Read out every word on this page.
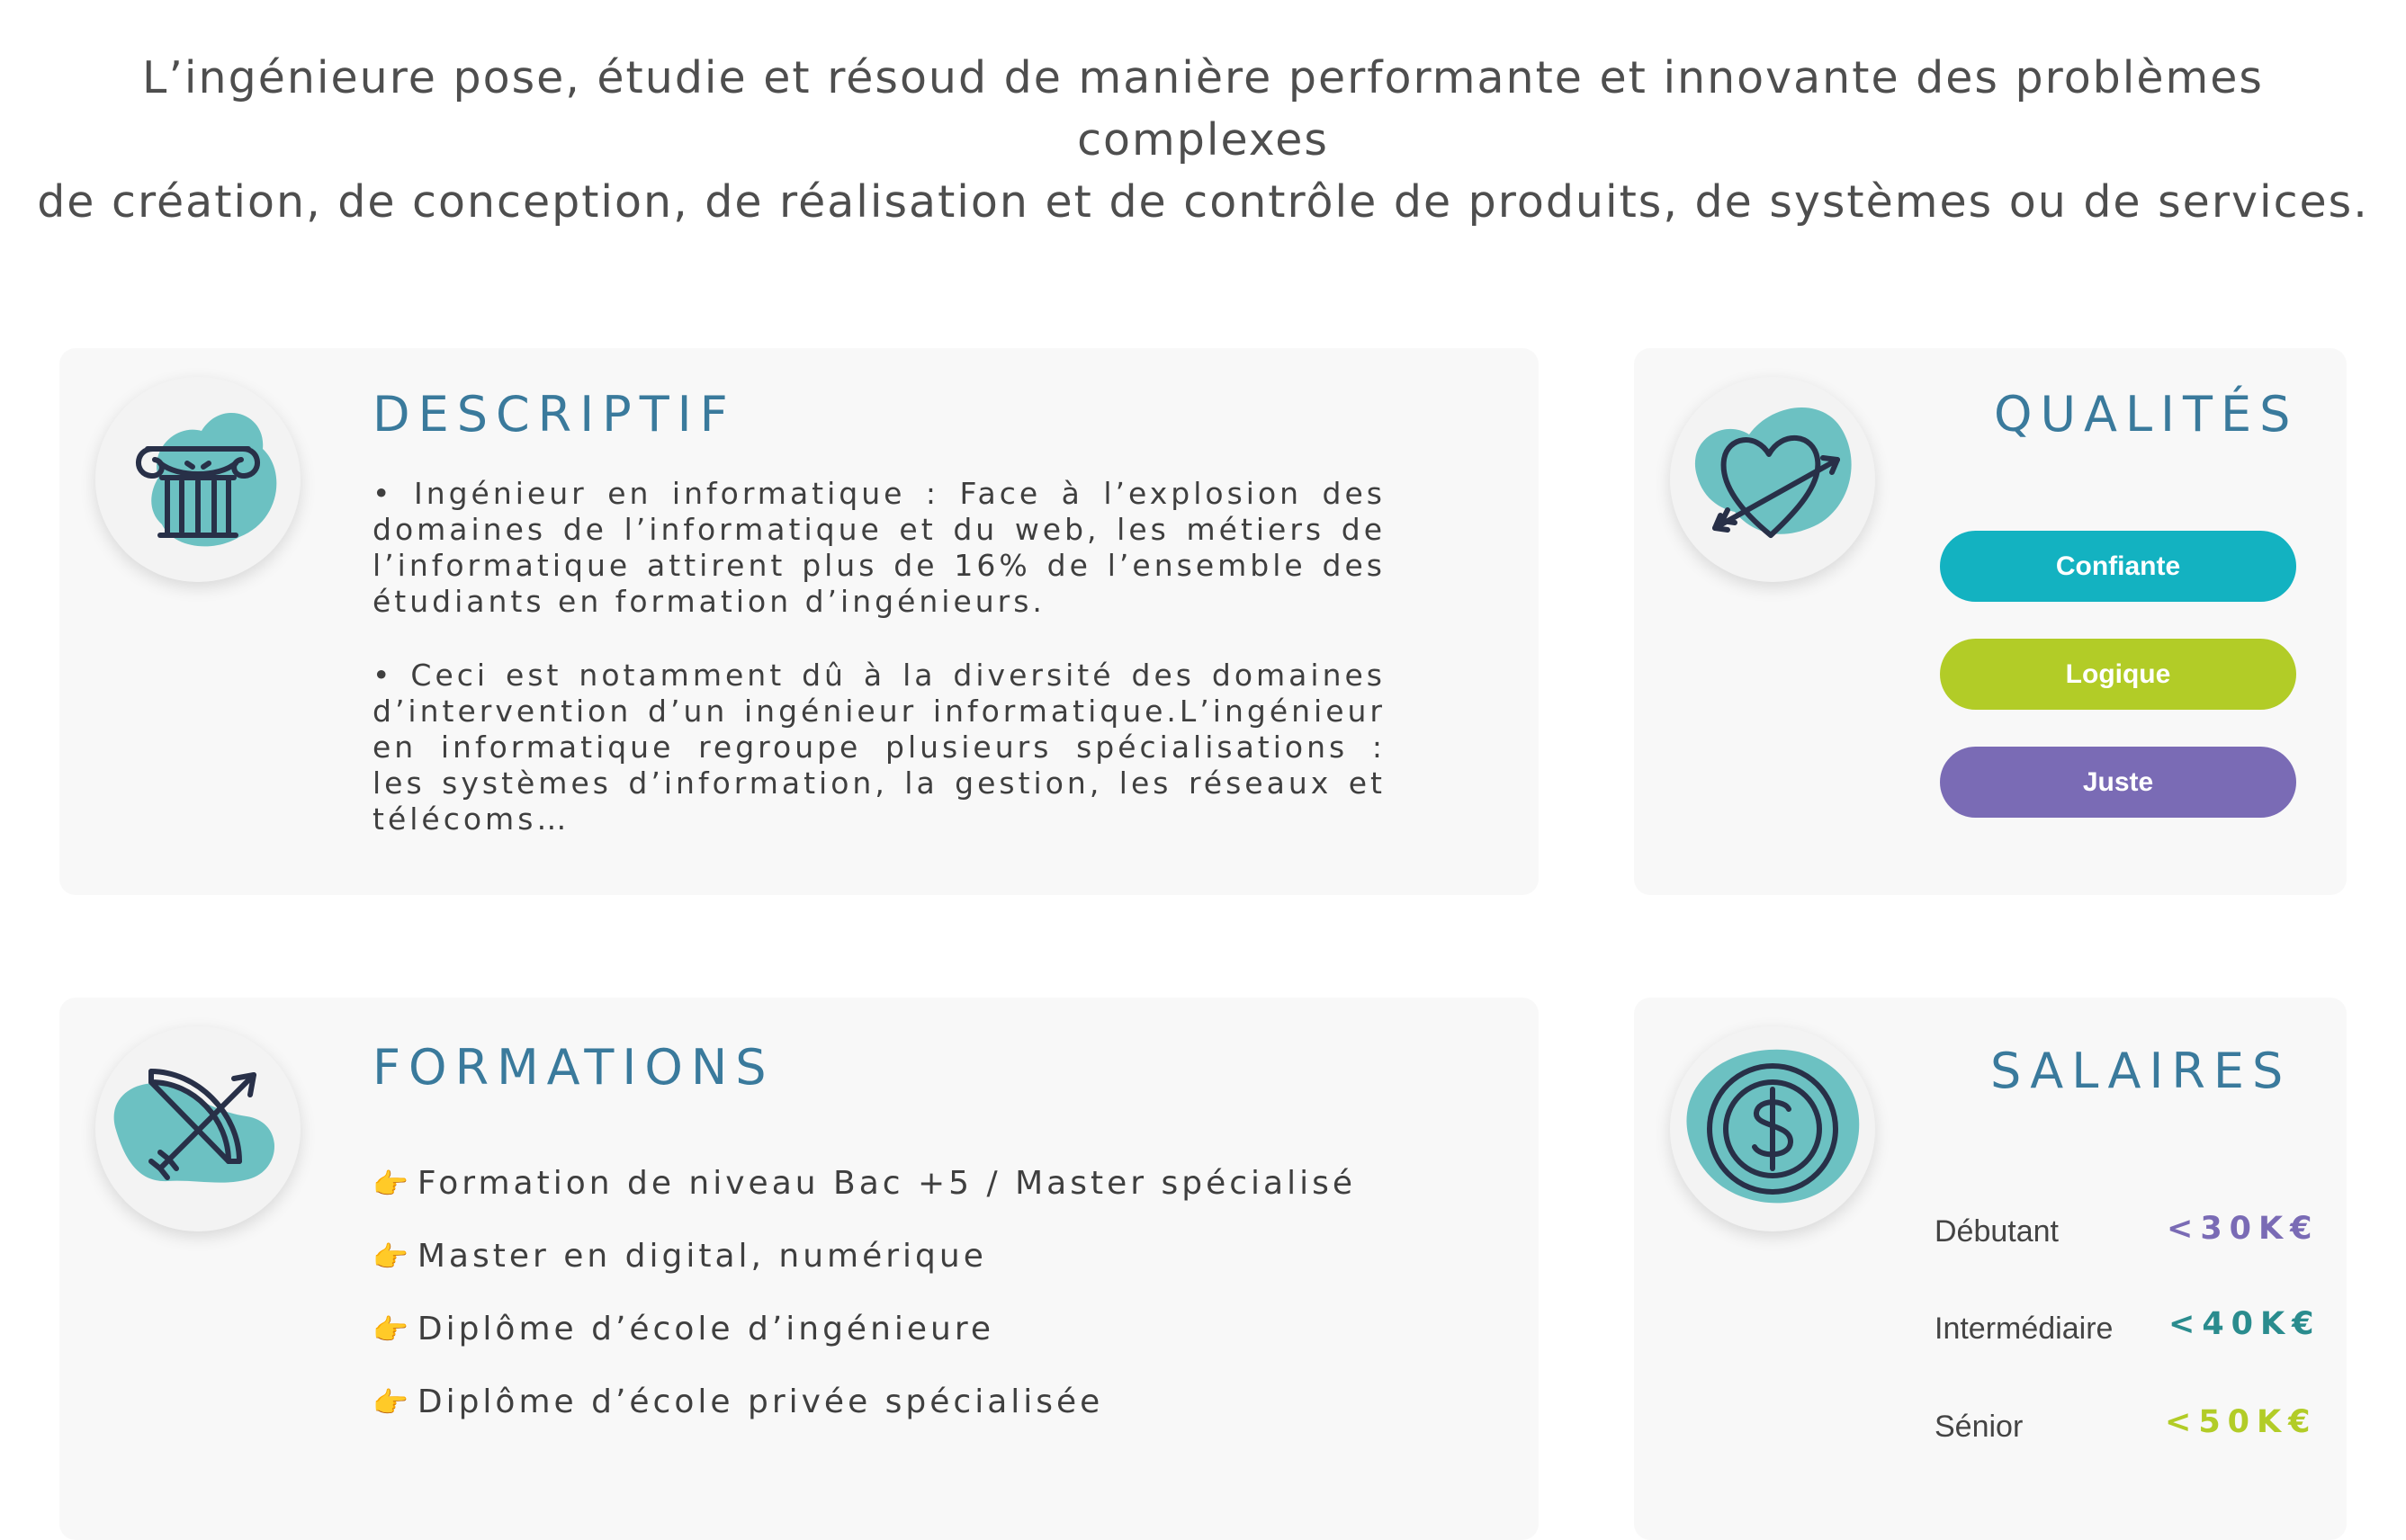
L’ingénieure pose, étudie et résoud de manière performante et innovante des problèmes complexes
de création, de conception, de réalisation et de contrôle de produits, de systèmes ou de services.
DESCRIPTIF
• Ingénieur en informatique : Face à l’explosion des domaines de l’informatique et du web, les métiers de l’informatique attirent plus de 16% de l’ensemble des étudiants en formation d’ingénieurs.
• Ceci est notamment dû à la diversité des domaines d’intervention d’un ingénieur informatique.L’ingénieur en informatique regroupe plusieurs spécialisations : les systèmes d’information, la gestion, les réseaux et télécoms…
QUALITÉS
Confiante
Logique
Juste
FORMATIONS
👉 Formation de niveau Bac +5 / Master spécialisé
👉 Master en digital, numérique
👉 Diplôme d’école d’ingénieure
👉 Diplôme d’école privée spécialisée
SALAIRES
Débutant	<30K€
Intermédiaire <40K€
Sénior	<50K€
